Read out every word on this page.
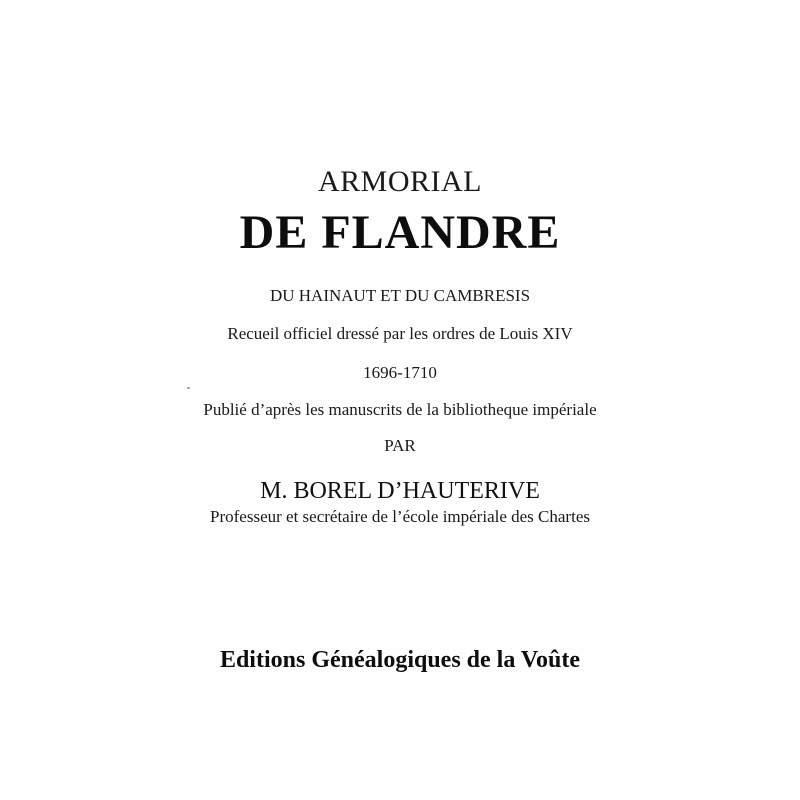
ARMORIAL
DE FLANDRE
DU HAINAUT ET DU CAMBRESIS
Recueil officiel dressé par les ordres de Louis XIV
1696-1710
Publié d’après les manuscrits de la bibliotheque impériale
PAR
M. BOREL D’HAUTERIVE
Professeur et secrétaire de l’école impériale des Chartes
Editions Généalogiques de la Voûte
